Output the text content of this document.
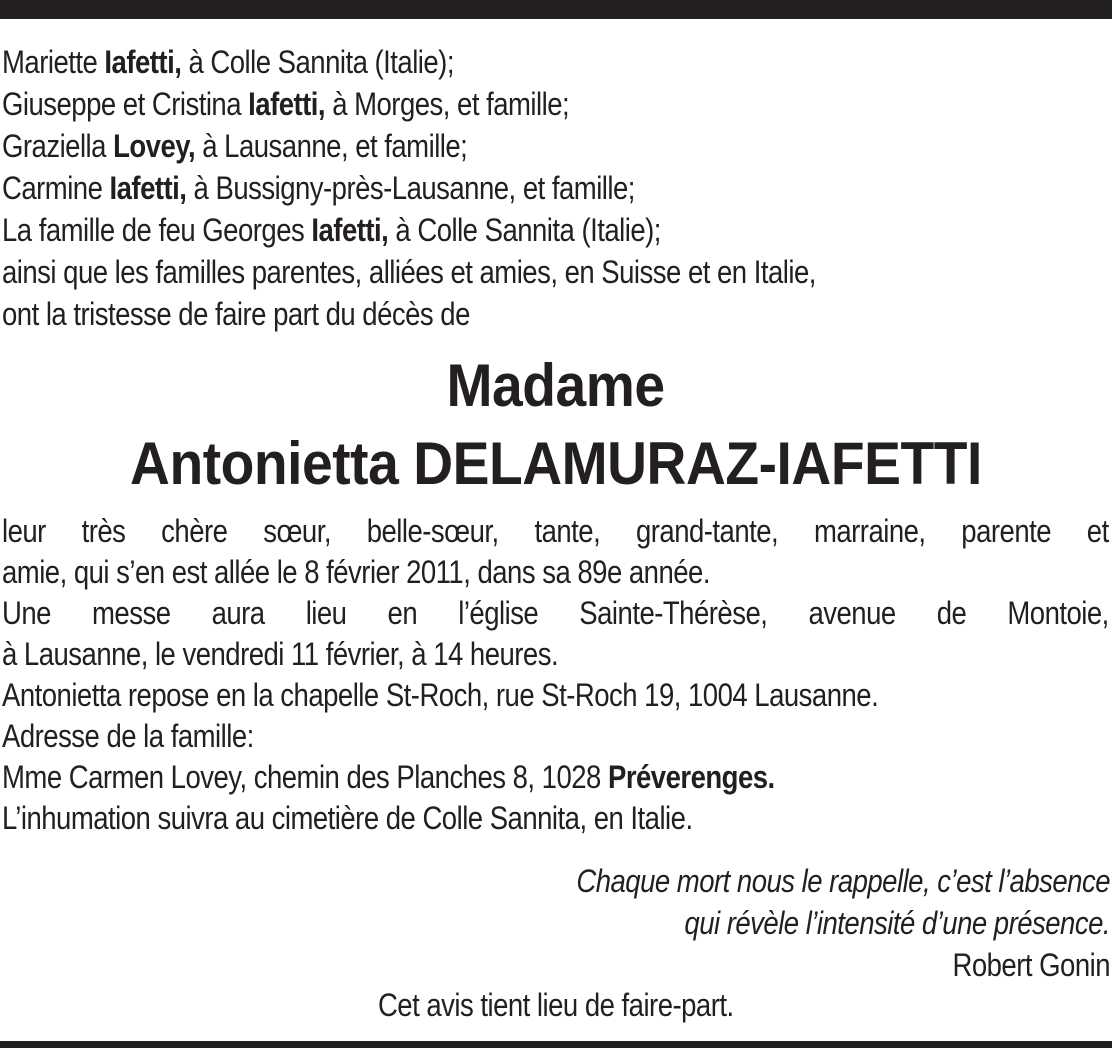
Mariette Iafetti, à Colle Sannita (Italie);
Giuseppe et Cristina Iafetti, à Morges, et famille;
Graziella Lovey, à Lausanne, et famille;
Carmine Iafetti, à Bussigny-près-Lausanne, et famille;
La famille de feu Georges Iafetti, à Colle Sannita (Italie);
ainsi que les familles parentes, alliées et amies, en Suisse et en Italie,
ont la tristesse de faire part du décès de
Madame
Antonietta DELAMURAZ-IAFETTI
leur très chère sœur, belle-sœur, tante, grand-tante, marraine, parente et
amie, qui s’en est allée le 8 février 2011, dans sa 89e année.
Une messe aura lieu en l’église Sainte-Thérèse, avenue de Montoie,
à Lausanne, le vendredi 11 février, à 14 heures.
Antonietta repose en la chapelle St-Roch, rue St-Roch 19, 1004 Lausanne.
Adresse de la famille:
Mme Carmen Lovey, chemin des Planches 8, 1028 Préverenges.
L’inhumation suivra au cimetière de Colle Sannita, en Italie.
Chaque mort nous le rappelle, c’est l’absence
qui révèle l’intensité d’une présence.
Robert Gonin
Cet avis tient lieu de faire-part.
